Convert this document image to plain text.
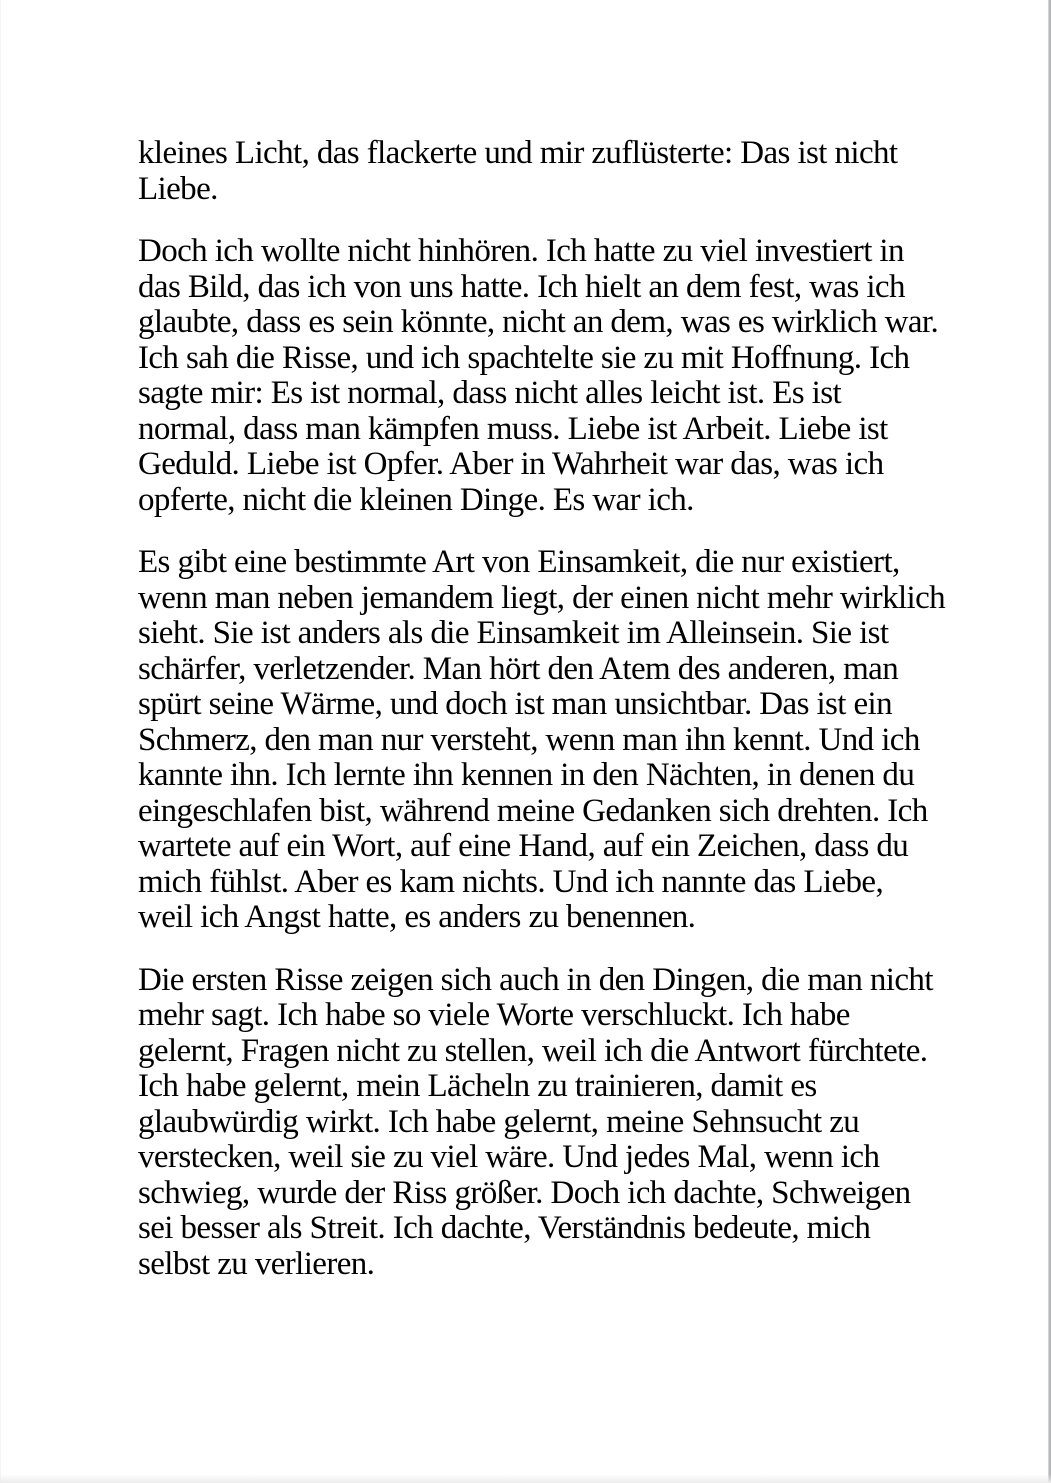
kleines Licht, das flackerte und mir zuflüsterte: Das ist nicht
Liebe.
Doch ich wollte nicht hinhören. Ich hatte zu viel investiert in
das Bild, das ich von uns hatte. Ich hielt an dem fest, was ich
glaubte, dass es sein könnte, nicht an dem, was es wirklich war.
Ich sah die Risse, und ich spachtelte sie zu mit Hoffnung. Ich
sagte mir: Es ist normal, dass nicht alles leicht ist. Es ist
normal, dass man kämpfen muss. Liebe ist Arbeit. Liebe ist
Geduld. Liebe ist Opfer. Aber in Wahrheit war das, was ich
opferte, nicht die kleinen Dinge. Es war ich.
Es gibt eine bestimmte Art von Einsamkeit, die nur existiert,
wenn man neben jemandem liegt, der einen nicht mehr wirklich
sieht. Sie ist anders als die Einsamkeit im Alleinsein. Sie ist
schärfer, verletzender. Man hört den Atem des anderen, man
spürt seine Wärme, und doch ist man unsichtbar. Das ist ein
Schmerz, den man nur versteht, wenn man ihn kennt. Und ich
kannte ihn. Ich lernte ihn kennen in den Nächten, in denen du
eingeschlafen bist, während meine Gedanken sich drehten. Ich
wartete auf ein Wort, auf eine Hand, auf ein Zeichen, dass du
mich fühlst. Aber es kam nichts. Und ich nannte das Liebe,
weil ich Angst hatte, es anders zu benennen.
Die ersten Risse zeigen sich auch in den Dingen, die man nicht
mehr sagt. Ich habe so viele Worte verschluckt. Ich habe
gelernt, Fragen nicht zu stellen, weil ich die Antwort fürchtete.
Ich habe gelernt, mein Lächeln zu trainieren, damit es
glaubwürdig wirkt. Ich habe gelernt, meine Sehnsucht zu
verstecken, weil sie zu viel wäre. Und jedes Mal, wenn ich
schwieg, wurde der Riss größer. Doch ich dachte, Schweigen
sei besser als Streit. Ich dachte, Verständnis bedeute, mich
selbst zu verlieren.
